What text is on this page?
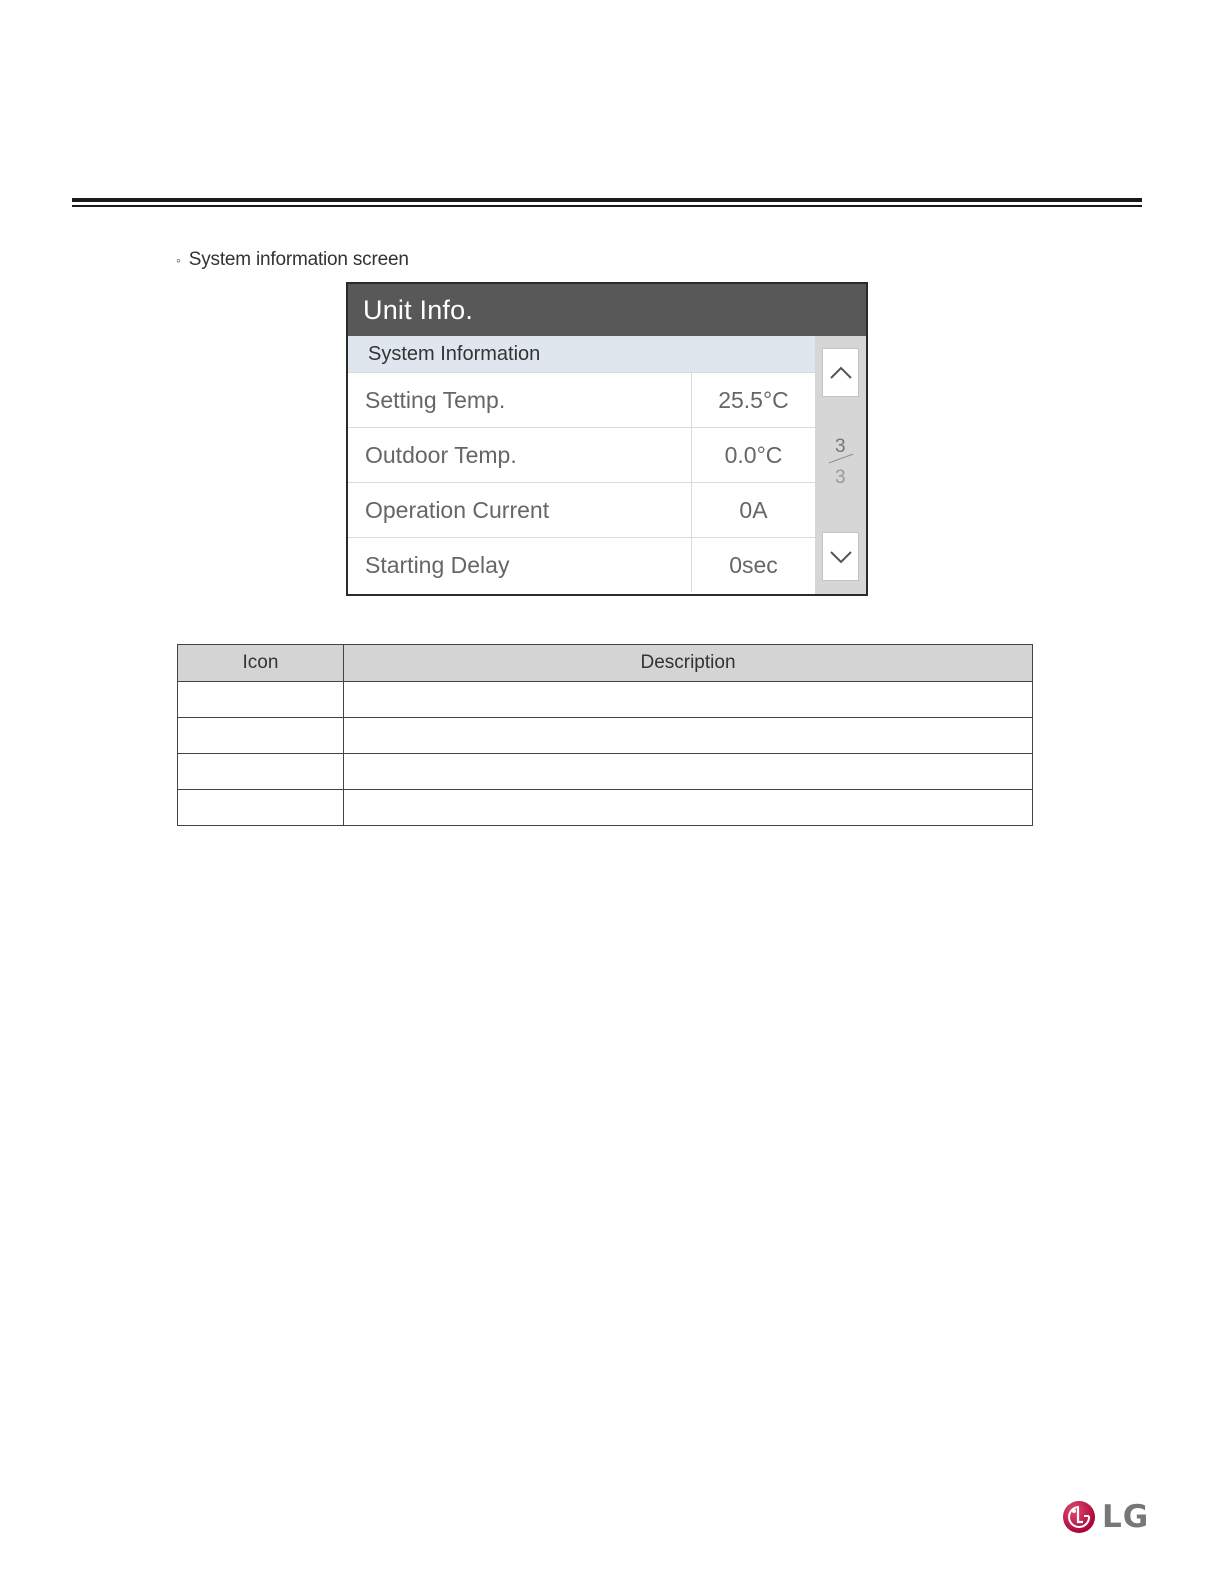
◦ System information screen
Unit Info.
System Information
Setting Temp.	25.5°C
Outdoor Temp.	0.0°C
Operation Current	0A
Starting Delay	0sec
3
3
Icon	Description

LG
